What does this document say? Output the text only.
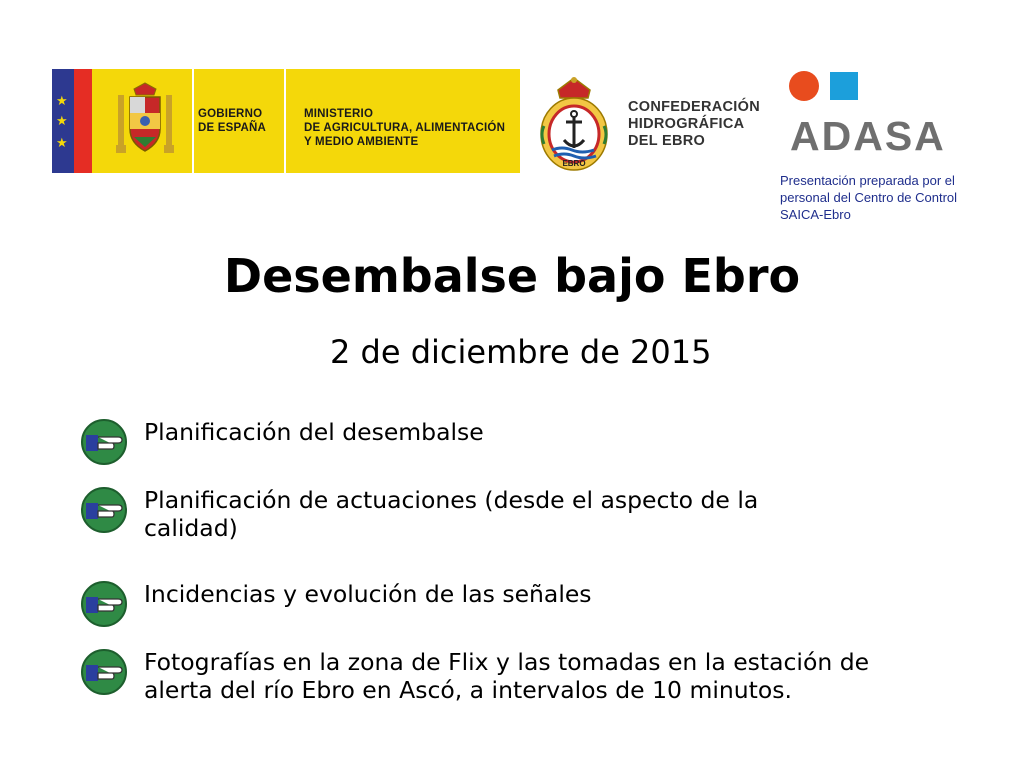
★
★
★
GOBIERNO
DE ESPAÑA
MINISTERIO
DE AGRICULTURA, ALIMENTACIÓN
Y MEDIO AMBIENTE
EBRO
CONFEDERACIÓN
HIDROGRÁFICA
DEL EBRO	ADASA
Presentación preparada por el
personal del Centro de Control
SAICA-Ebro
Desembalse bajo Ebro
2 de diciembre de 2015
Planificación del desembalse
Planificación de actuaciones (desde el aspecto de la calidad)
Incidencias y evolución de las señales
Fotografías en la zona de Flix y las tomadas en la estación de alerta del río Ebro en Ascó, a intervalos de 10 minutos.
